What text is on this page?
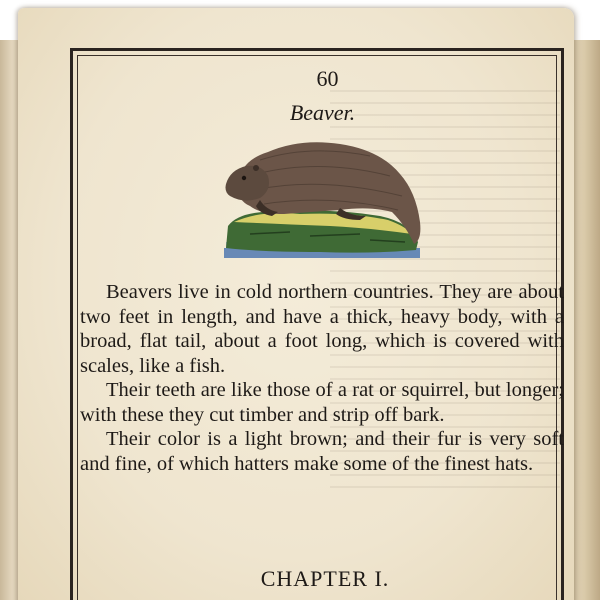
60
Beaver.

Beavers live in cold northern countries. They are about two feet in length, and have a thick, heavy body, with a broad, flat tail, about a foot long, which is covered with scales, like a fish.

Their teeth are like those of a rat or squirrel, but longer; with these they cut timber and strip off bark.

Their color is a light brown; and their fur is very soft and fine, of which hatters make some of the finest hats.

CHAPTER I.
